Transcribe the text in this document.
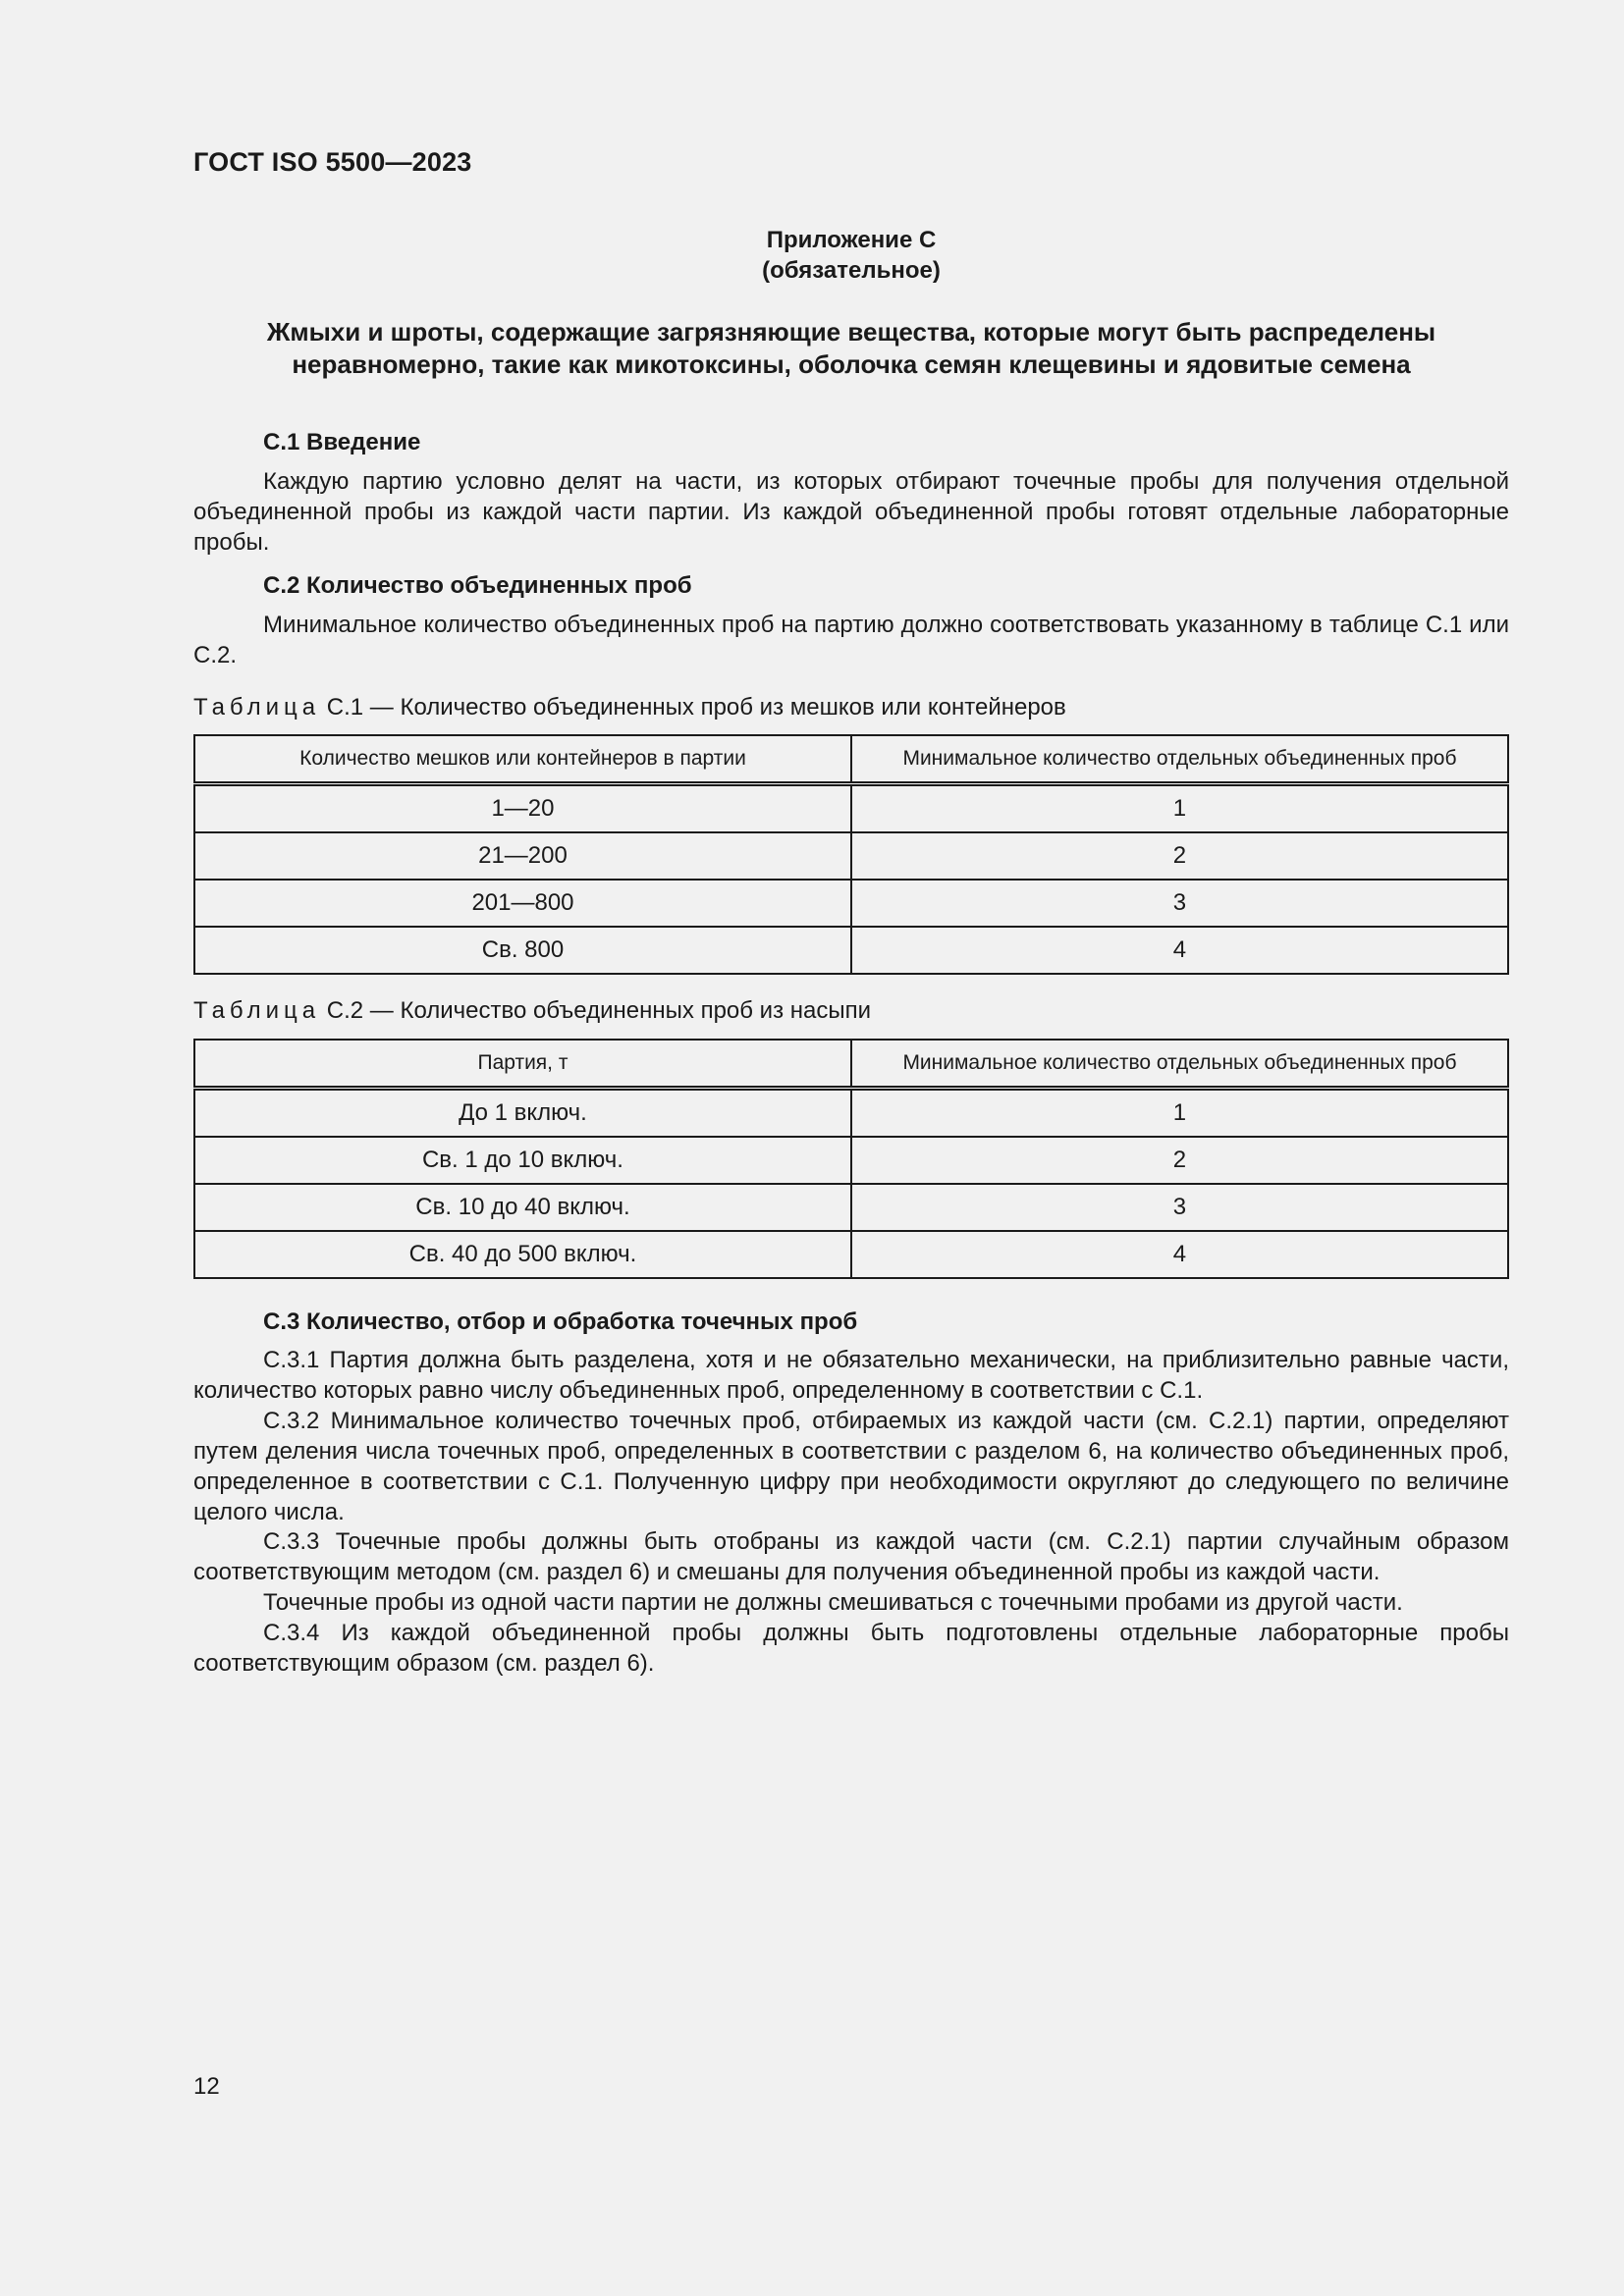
ГОСТ ISO 5500—2023
Приложение С
(обязательное)
Жмыхи и шроты, содержащие загрязняющие вещества, которые могут быть распределены
неравномерно, такие как микотоксины, оболочка семян клещевины и ядовитые семена
С.1 Введение
Каждую партию условно делят на части, из которых отбирают точечные пробы для получения отдельной объединенной пробы из каждой части партии. Из каждой объединенной пробы готовят отдельные лабораторные пробы.
С.2 Количество объединенных проб
Минимальное количество объединенных проб на партию должно соответствовать указанному в таблице С.1 или С.2.
Таблица С.1 — Количество объединенных проб из мешков или контейнеров
Количество мешков или контейнеров в партии	Минимальное количество отдельных объединенных проб
1—20	1
21—200	2
201—800	3
Св. 800	4
Таблица С.2 — Количество объединенных проб из насыпи
Партия, т	Минимальное количество отдельных объединенных проб
До 1 включ.	1
Св. 1 до 10 включ.	2
Св. 10 до 40 включ.	3
Св. 40 до 500 включ.	4
С.3 Количество, отбор и обработка точечных проб
С.3.1 Партия должна быть разделена, хотя и не обязательно механически, на приблизительно равные части, количество которых равно числу объединенных проб, определенному в соответствии с С.1.
С.3.2 Минимальное количество точечных проб, отбираемых из каждой части (см. С.2.1) партии, определяют путем деления числа точечных проб, определенных в соответствии с разделом 6, на количество объединенных проб, определенное в соответствии с С.1. Полученную цифру при необходимости округляют до следующего по величине целого числа.
С.3.3 Точечные пробы должны быть отобраны из каждой части (см. С.2.1) партии случайным образом соответствующим методом (см. раздел 6) и смешаны для получения объединенной пробы из каждой части.
Точечные пробы из одной части партии не должны смешиваться с точечными пробами из другой части.
С.3.4 Из каждой объединенной пробы должны быть подготовлены отдельные лабораторные пробы соответствующим образом (см. раздел 6).
12
